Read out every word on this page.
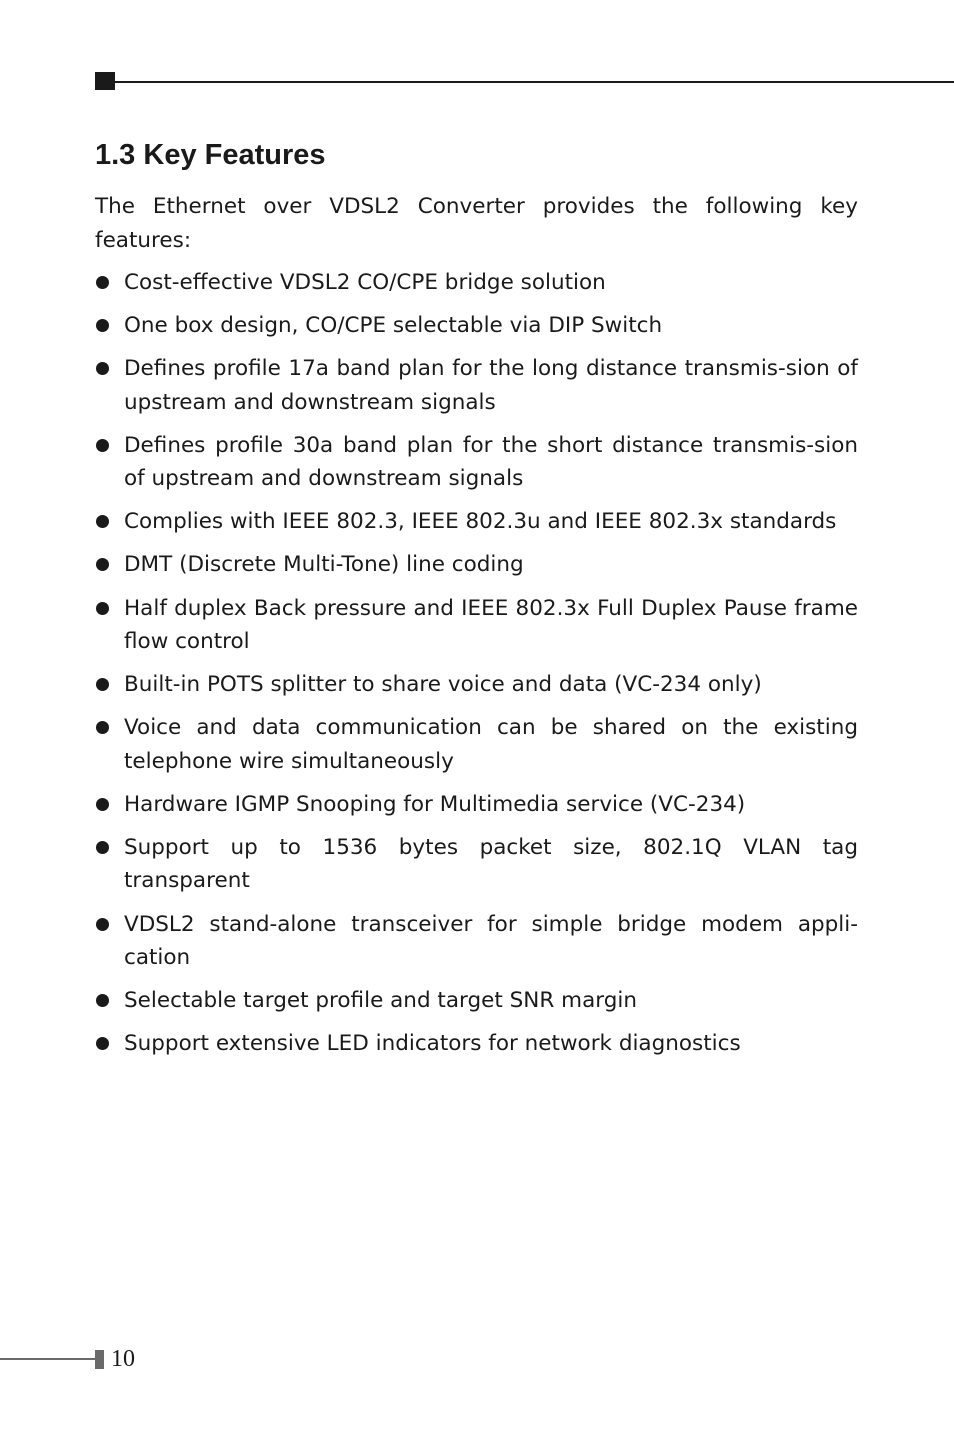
1.3 Key Features

The Ethernet over VDSL2 Converter provides the following key features:

Cost-effective VDSL2 CO/CPE bridge solution
One box design, CO/CPE selectable via DIP Switch
Defines profile 17a band plan for the long distance transmis-sion of upstream and downstream signals
Defines profile 30a band plan for the short distance transmis-sion of upstream and downstream signals
Complies with IEEE 802.3, IEEE 802.3u and IEEE 802.3x standards
DMT (Discrete Multi-Tone) line coding
Half duplex Back pressure and IEEE 802.3x Full Duplex Pause frame flow control
Built-in POTS splitter to share voice and data (VC-234 only)
Voice and data communication can be shared on the existing telephone wire simultaneously
Hardware IGMP Snooping for Multimedia service (VC-234)
Support up to 1536 bytes packet size, 802.1Q VLAN tag transparent
VDSL2 stand-alone transceiver for simple bridge modem appli-cation
Selectable target profile and target SNR margin
Support extensive LED indicators for network diagnostics
10
